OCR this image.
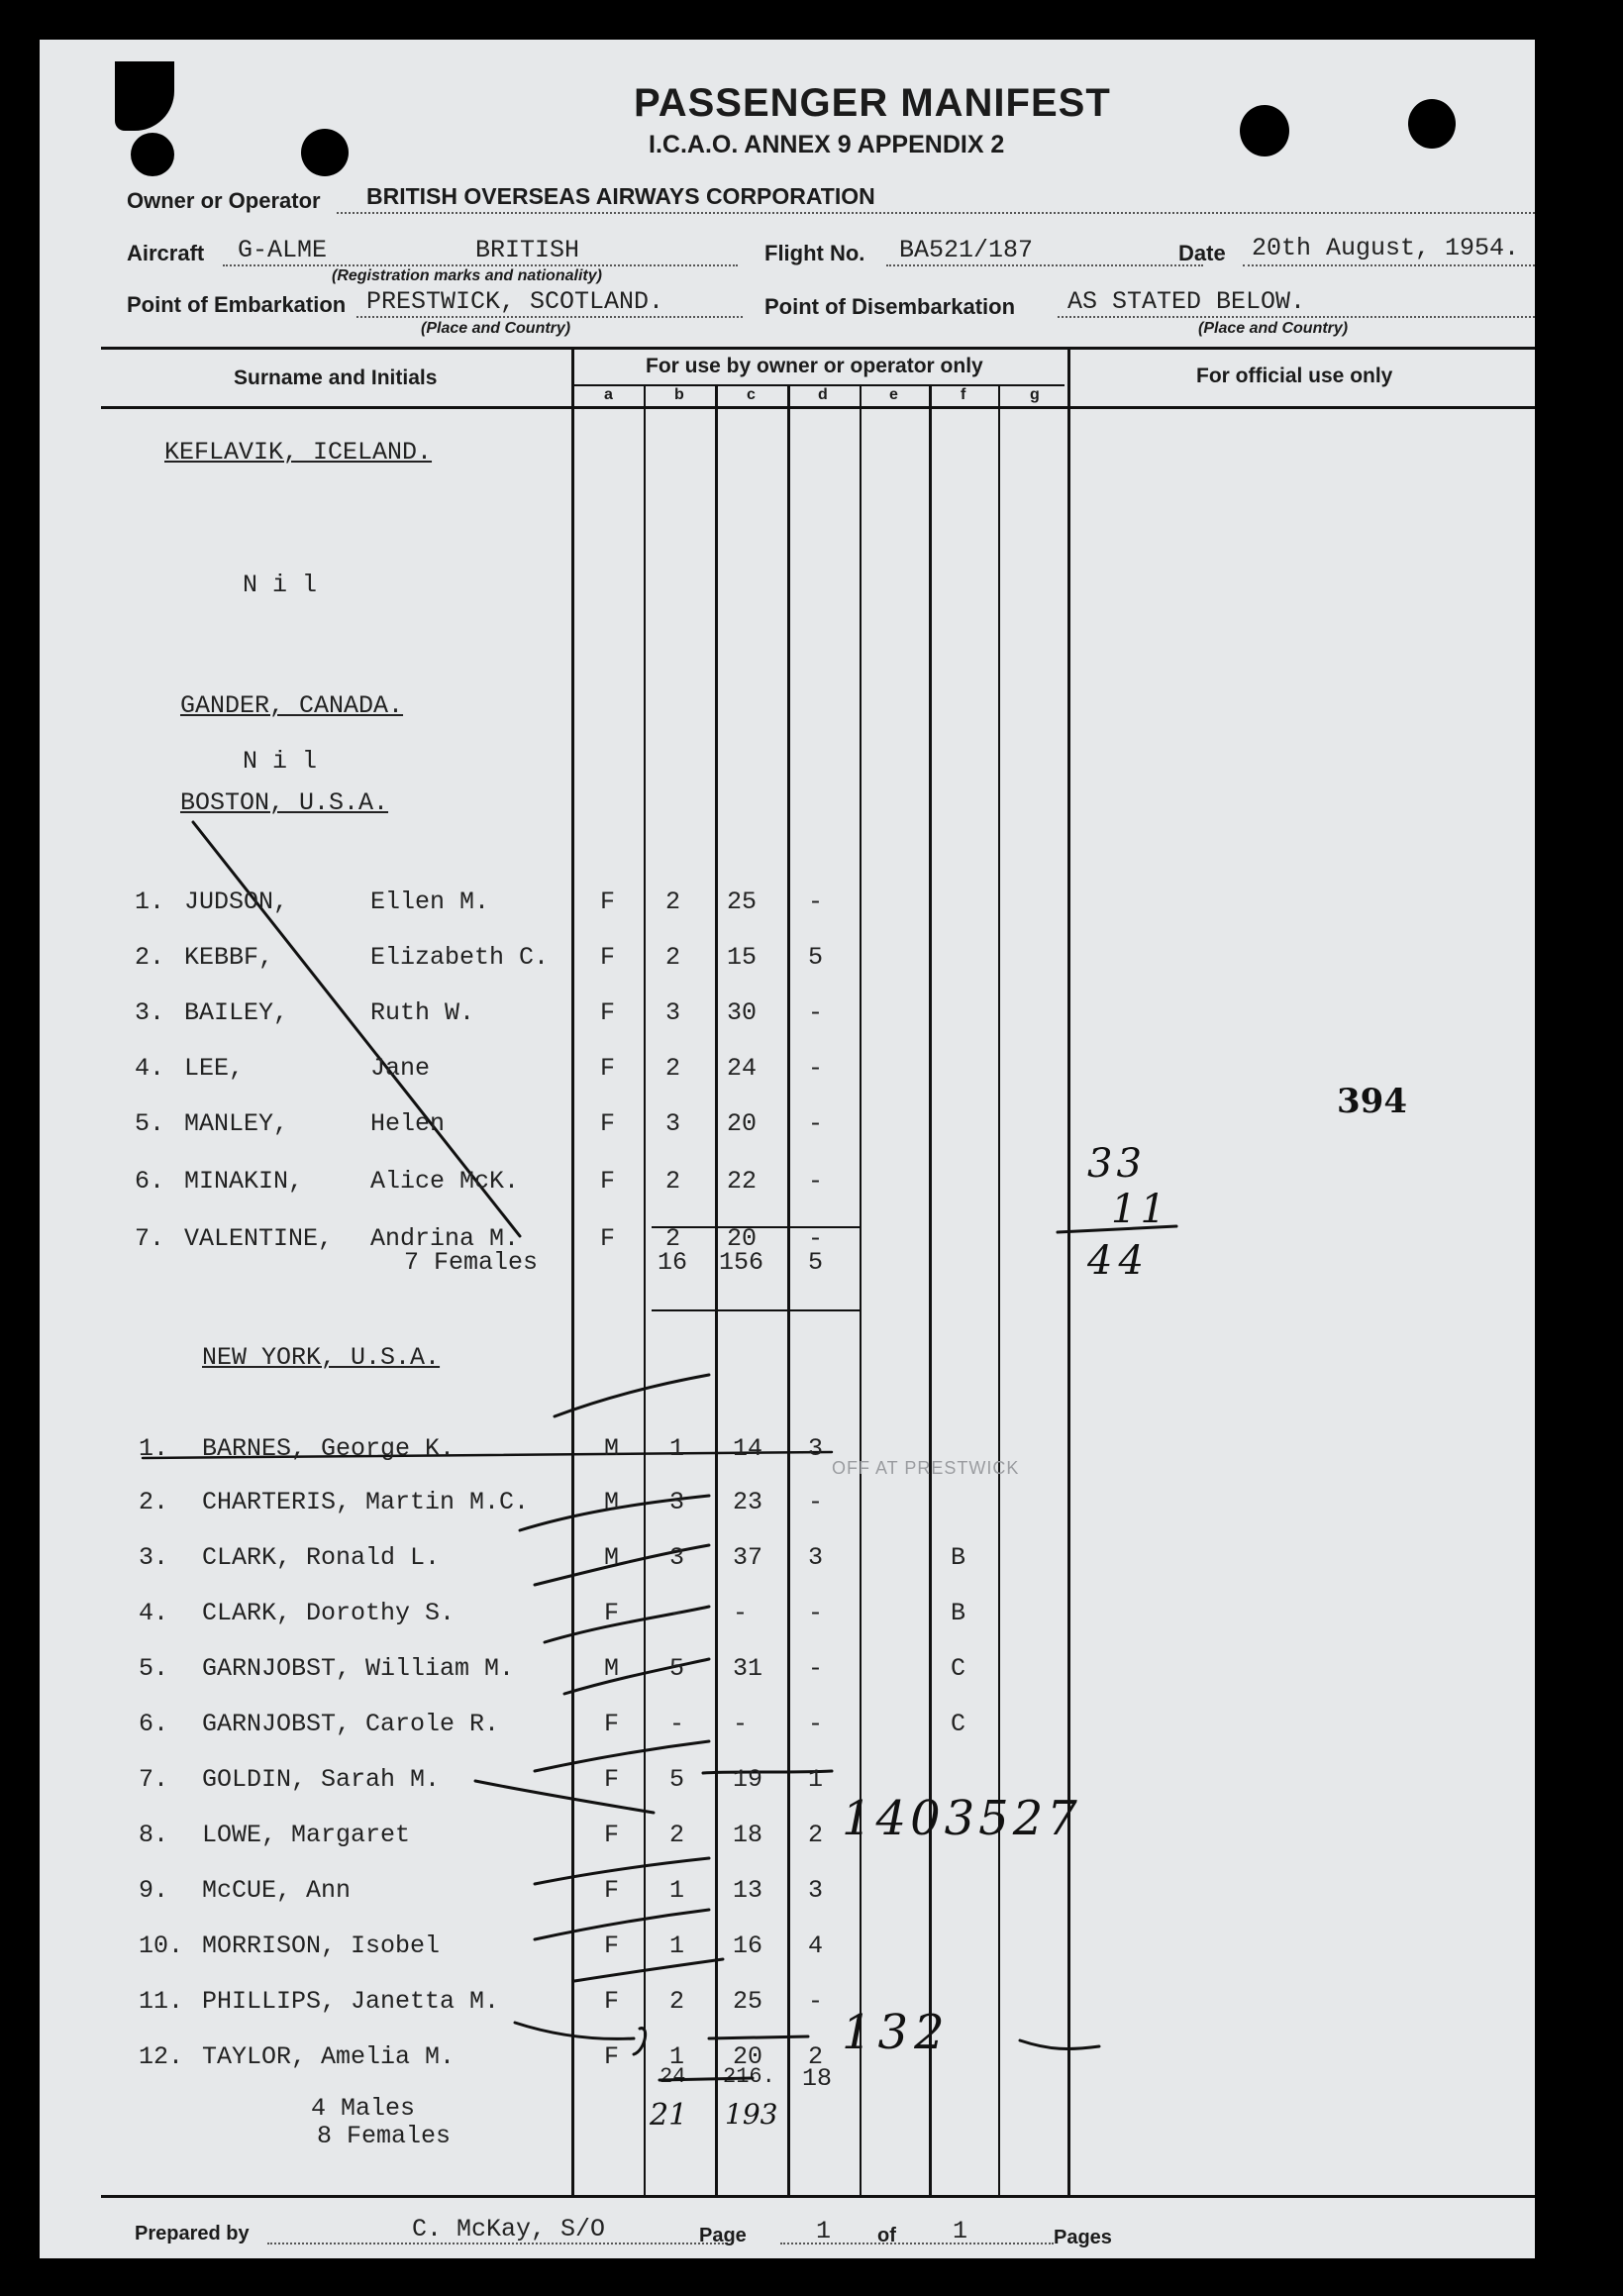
PASSENGER MANIFEST
I.C.A.O. ANNEX 9 APPENDIX 2
Owner or Operator BRITISH OVERSEAS AIRWAYS CORPORATION
Aircraft G-ALME	BRITISH
(Registration marks and nationality)
Flight No. BA521/187	Date 20th August, 1954.
Point of Embarkation PRESTWICK, SCOTLAND.
(Place and Country)
Point of Disembarkation AS STATED BELOW.
(Place and Country)
Surname and Initials
For use by owner or operator only	For official use only
a	b	c	d	e	f	g
KEFLAVIK, ICELAND.
N i l
GANDER, CANADA.
N i l
BOSTON, U.S.A.
7 Females	16 156 5
NEW YORK, U.S.A.
OFF AT PRESTWICK
4 Males
8 Females
24 216. 18
21 193
394
33
11
44
1403527
132
Prepared by	C. McKay, S/O	Page	1 of 1	Pages
1. JUDSON,	Ellen M.	F 2 25 -
2. KEBBF,	Elizabeth C. F 2 15 5
3. BAILEY,	Ruth W.	F 3 30 -
4. LEE,	Jane	F 2 24 -
5. MANLEY,	Helen	F 3 20 -
6. MINAKIN,	Alice McK.	F 2 22 -
7. VALENTINE, Andrina M.	F 2 20 -
1. BARNES, George K.	M 1 14 3
2. CHARTERIS, Martin M.C.	M 3 23 -
3. CLARK, Ronald L.	M 3 37 3	B
4. CLARK, Dorothy S.	F - - -	B
5. GARNJOBST, William M.	M 5 31 -	C
6. GARNJOBST, Carole R.	F - - -	C
7. GOLDIN, Sarah M.	F 5 19 1
8. LOWE, Margaret	F 2 18 2
9. McCUE, Ann	F 1 13 3
10. MORRISON, Isobel	F 1 16 4
11. PHILLIPS, Janetta M.	F 2 25 -
12. TAYLOR, Amelia M.	F 1 20 2
